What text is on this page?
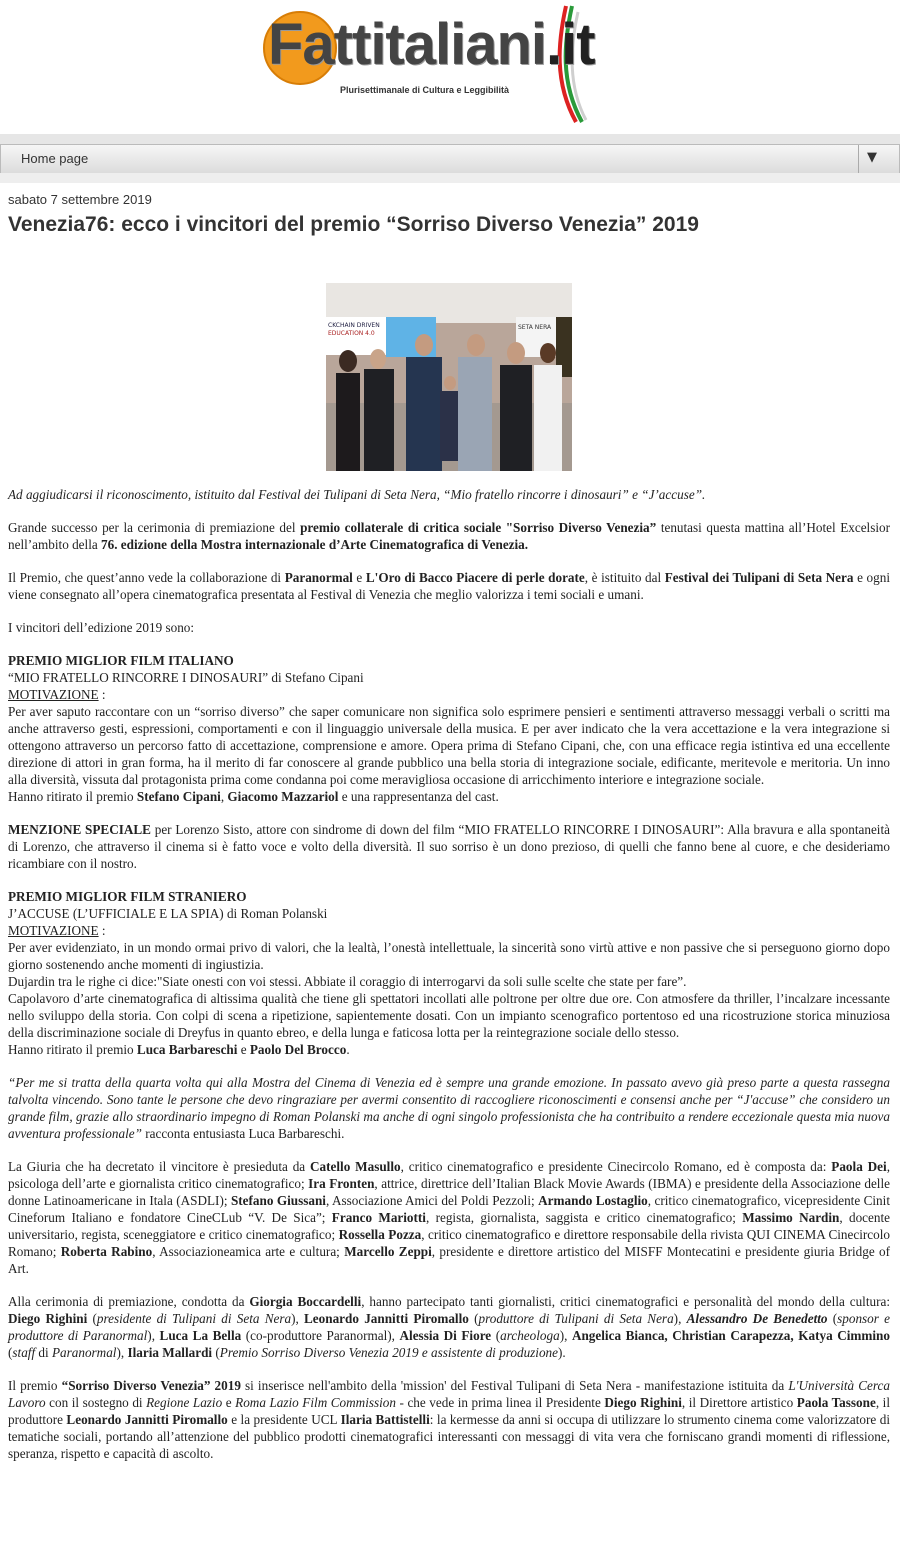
Fattitaliani.it
Plurisettimanale di Cultura e Leggibilità
Home page	▼
sabato 7 settembre 2019
Venezia76: ecco i vincitori del premio “Sorriso Diverso Venezia” 2019
CKCHAIN DRIVEN
EDUCATION 4.0
SETA NERA

Ad aggiudicarsi il riconoscimento, istituito dal Festival dei Tulipani di Seta Nera, “Mio fratello rincorre i dinosauri” e “J’accuse”.

Grande successo per la cerimonia di premiazione del premio collaterale di critica sociale "Sorriso Diverso Venezia” tenutasi questa mattina all’Hotel Excelsior nell’ambito della 76. edizione della Mostra internazionale d’Arte Cinematografica di Venezia.

Il Premio, che quest’anno vede la collaborazione di Paranormal e L'Oro di Bacco Piacere di perle dorate, è istituito dal Festival dei Tulipani di Seta Nera e ogni viene consegnato all’opera cinematografica presentata al Festival di Venezia che meglio valorizza i temi sociali e umani.

I vincitori dell’edizione 2019 sono:

PREMIO MIGLIOR FILM ITALIANO
“MIO FRATELLO RINCORRE I DINOSAURI” di Stefano Cipani
MOTIVAZIONE :
Per aver saputo raccontare con un “sorriso diverso” che saper comunicare non significa solo esprimere pensieri e sentimenti attraverso messaggi verbali o scritti ma anche attraverso gesti, espressioni, comportamenti e con il linguaggio universale della musica. E per aver indicato che la vera accettazione e la vera integrazione si ottengono attraverso un percorso fatto di accettazione, comprensione e amore. Opera prima di Stefano Cipani, che, con una efficace regia istintiva ed una eccellente direzione di attori in gran forma, ha il merito di far conoscere al grande pubblico una bella storia di integrazione sociale, edificante, meritevole e meritoria. Un inno alla diversità, vissuta dal protagonista prima come condanna poi come meravigliosa occasione di arricchimento interiore e integrazione sociale.
Hanno ritirato il premio Stefano Cipani, Giacomo Mazzariol e una rappresentanza del cast.

MENZIONE SPECIALE per Lorenzo Sisto, attore con sindrome di down del film “MIO FRATELLO RINCORRE I DINOSAURI”: Alla bravura e alla spontaneità di Lorenzo, che attraverso il cinema si è fatto voce e volto della diversità. Il suo sorriso è un dono prezioso, di quelli che fanno bene al cuore, e che desideriamo ricambiare con il nostro.

PREMIO MIGLIOR FILM STRANIERO
J’ACCUSE (L’UFFICIALE E LA SPIA) di Roman Polanski
MOTIVAZIONE :
Per aver evidenziato, in un mondo ormai privo di valori, che la lealtà, l’onestà intellettuale, la sincerità sono virtù attive e non passive che si perseguono giorno dopo giorno sostenendo anche momenti di ingiustizia.
Dujardin tra le righe ci dice:"Siate onesti con voi stessi. Abbiate il coraggio di interrogarvi da soli sulle scelte che state per fare”.
Capolavoro d’arte cinematografica di altissima qualità che tiene gli spettatori incollati alle poltrone per oltre due ore. Con atmosfere da thriller, l’incalzare incessante nello sviluppo della storia. Con colpi di scena a ripetizione, sapientemente dosati. Con un impianto scenografico portentoso ed una ricostruzione storica minuziosa della discriminazione sociale di Dreyfus in quanto ebreo, e della lunga e faticosa lotta per la reintegrazione sociale dello stesso.
Hanno ritirato il premio Luca Barbareschi e Paolo Del Brocco.

“Per me si tratta della quarta volta qui alla Mostra del Cinema di Venezia ed è sempre una grande emozione. In passato avevo già preso parte a questa rassegna talvolta vincendo. Sono tante le persone che devo ringraziare per avermi consentito di raccogliere riconoscimenti e consensi anche per “J'accuse” che considero un grande film, grazie allo straordinario impegno di Roman Polanski ma anche di ogni singolo professionista che ha contribuito a rendere eccezionale questa mia nuova avventura professionale” racconta entusiasta Luca Barbareschi.

La Giuria che ha decretato il vincitore è presieduta da Catello Masullo, critico cinematografico e presidente Cinecircolo Romano, ed è composta da: Paola Dei, psicologa dell’arte e giornalista critico cinematografico; Ira Fronten, attrice, direttrice dell’Italian Black Movie Awards (IBMA) e presidente della Associazione delle donne Latinoamericane in Itala (ASDLI); Stefano Giussani, Associazione Amici del Poldi Pezzoli; Armando Lostaglio, critico cinematografico, vicepresidente Cinit Cineforum Italiano e fondatore CineCLub “V. De Sica”; Franco Mariotti, regista, giornalista, saggista e critico cinematografico; Massimo Nardin, docente universitario, regista, sceneggiatore e critico cinematografico; Rossella Pozza, critico cinematografico e direttore responsabile della rivista QUI CINEMA Cinecircolo Romano; Roberta Rabino, Associazioneamica arte e cultura; Marcello Zeppi, presidente e direttore artistico del MISFF Montecatini e presidente giuria Bridge of Art.

Alla cerimonia di premiazione, condotta da Giorgia Boccardelli, hanno partecipato tanti giornalisti, critici cinematografici e personalità del mondo della cultura: Diego Righini (presidente di Tulipani di Seta Nera), Leonardo Jannitti Piromallo (produttore di Tulipani di Seta Nera), Alessandro De Benedetto (sponsor e produttore di Paranormal), Luca La Bella (co-produttore Paranormal), Alessia Di Fiore (archeologa), Angelica Bianca, Christian Carapezza, Katya Cimmino (staff di Paranormal), Ilaria Mallardi (Premio Sorriso Diverso Venezia 2019 e assistente di produzione).

Il premio “Sorriso Diverso Venezia” 2019 si inserisce nell'ambito della 'mission' del Festival Tulipani di Seta Nera - manifestazione istituita da L'Università Cerca Lavoro con il sostegno di Regione Lazio e Roma Lazio Film Commission - che vede in prima linea il Presidente Diego Righini, il Direttore artistico Paola Tassone, il produttore Leonardo Jannitti Piromallo e la presidente UCL Ilaria Battistelli: la kermesse da anni si occupa di utilizzare lo strumento cinema come valorizzatore di tematiche sociali, portando all’attenzione del pubblico prodotti cinematografici interessanti con messaggi di vita vera che forniscano grandi momenti di riflessione, speranza, rispetto e capacità di ascolto.
